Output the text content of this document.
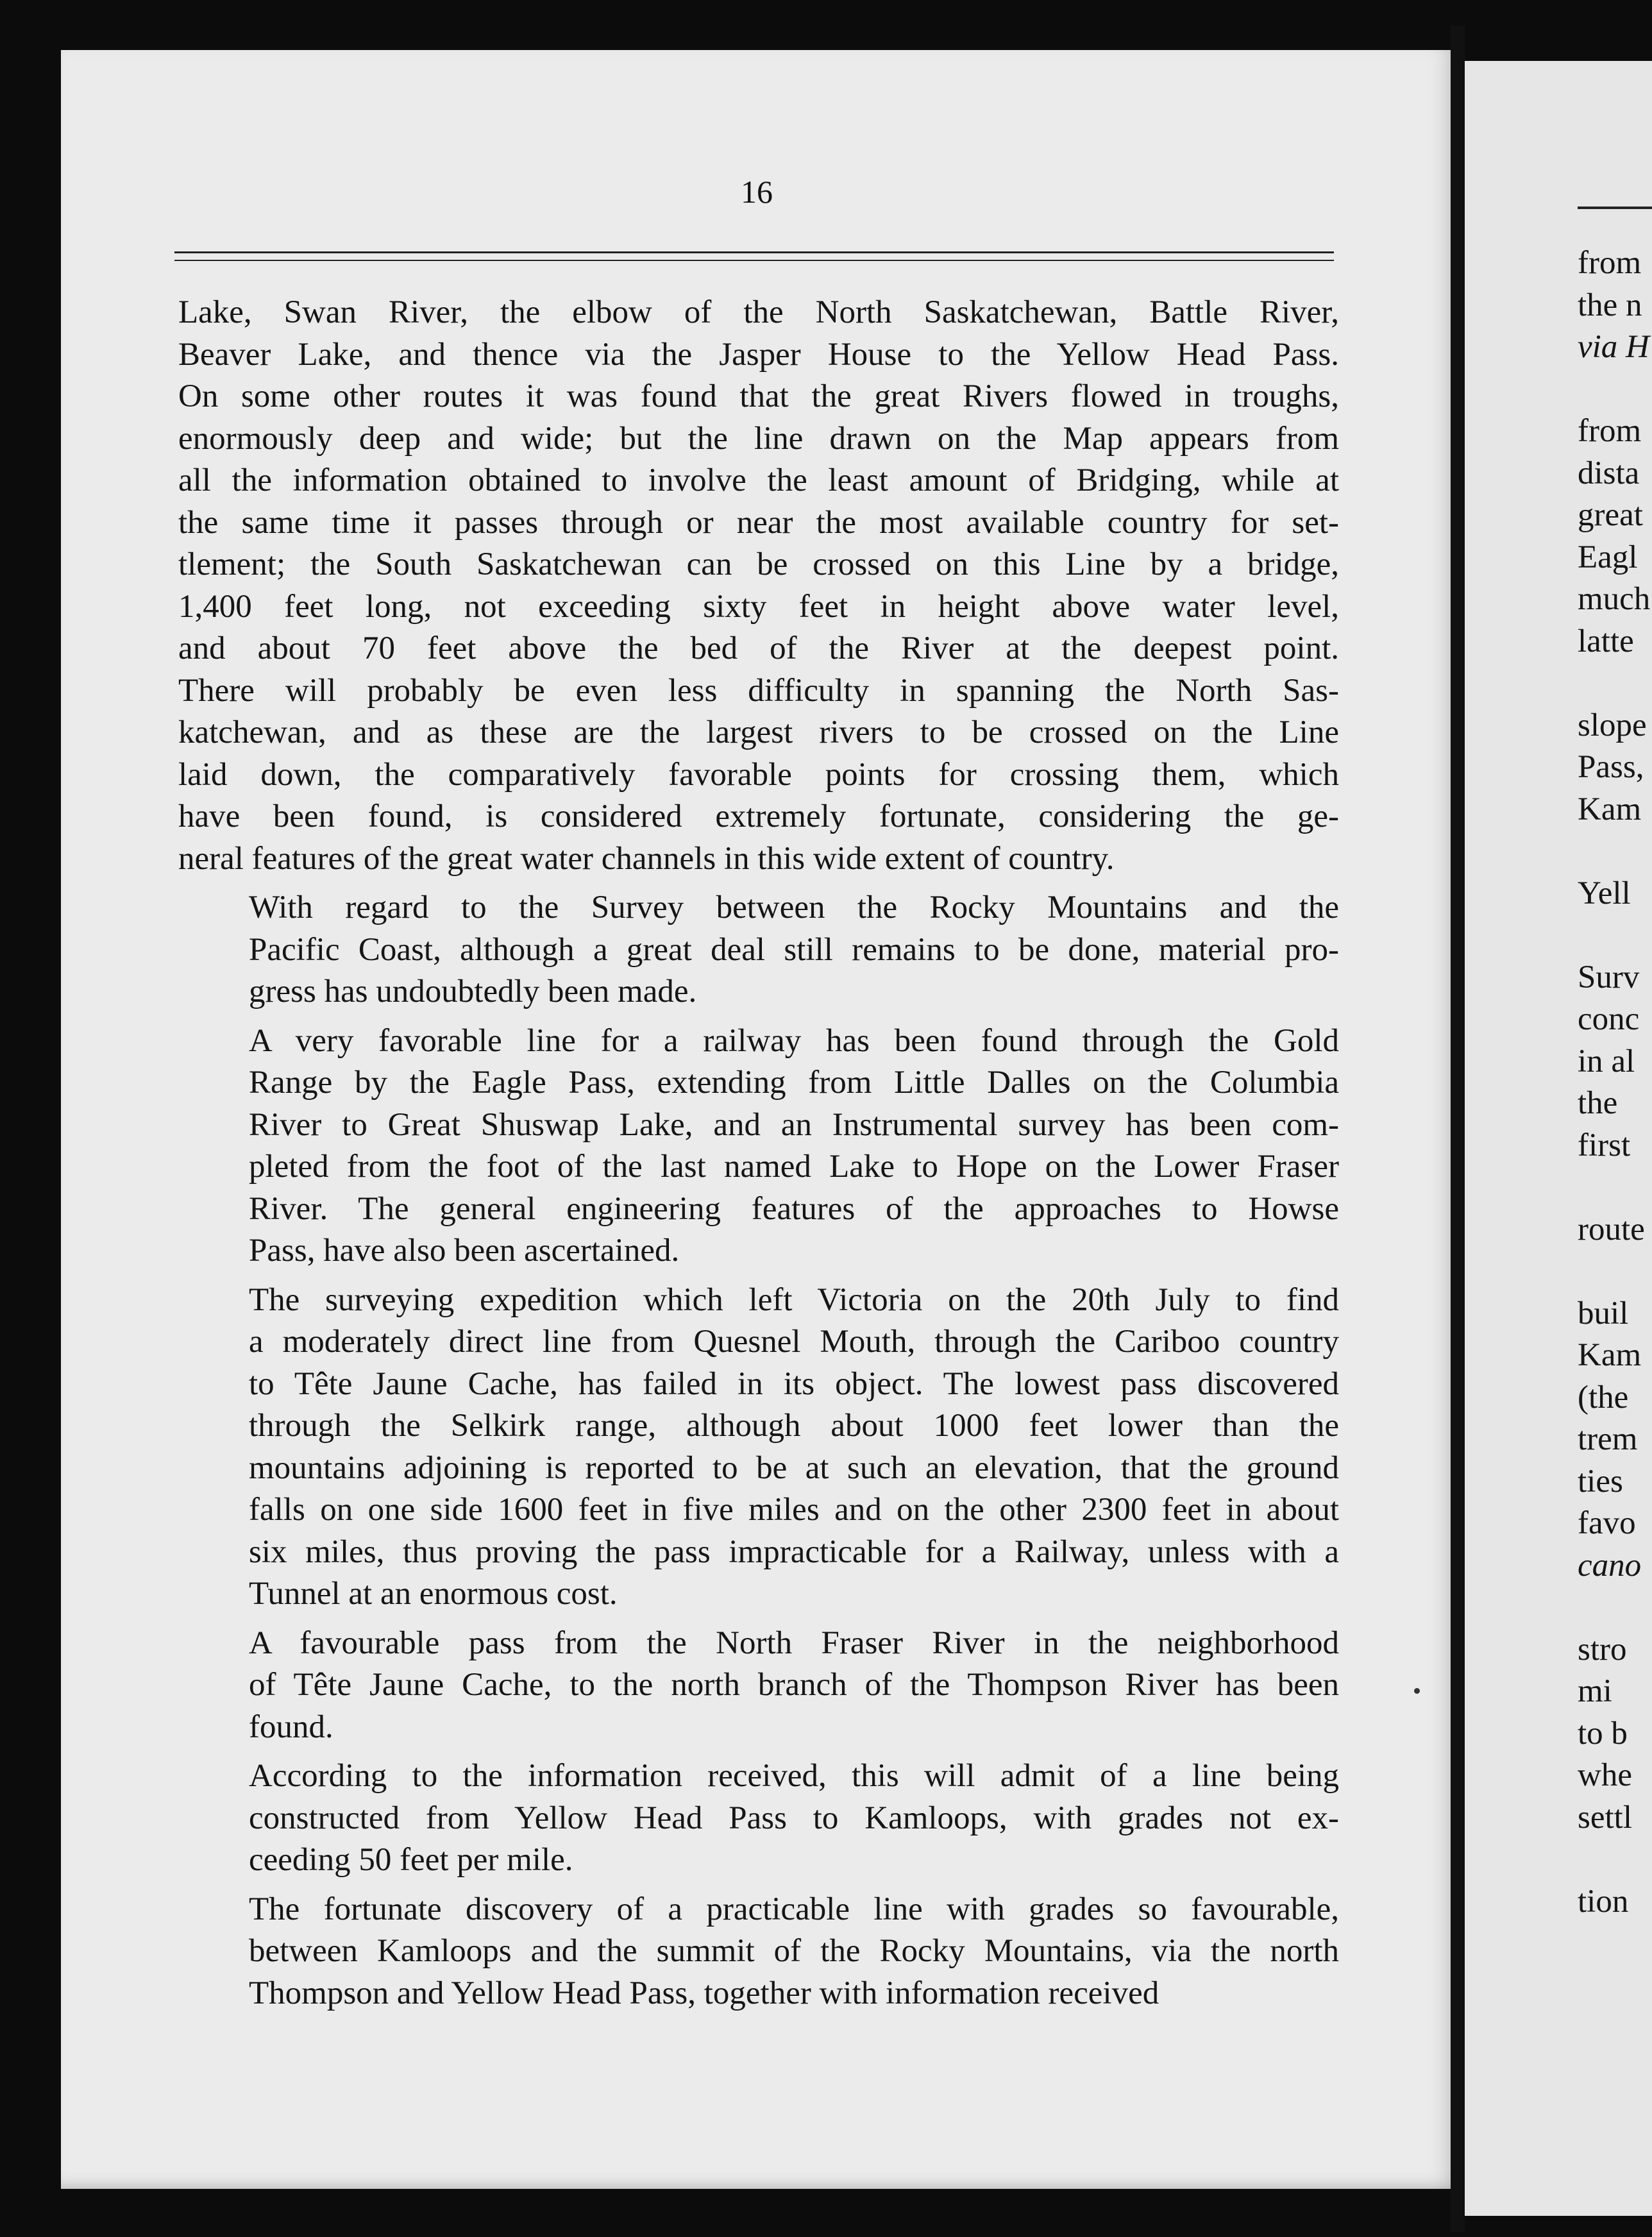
16
Lake, Swan River, the elbow of the North Saskatchewan, Battle River,
Beaver Lake, and thence via the Jasper House to the Yellow Head Pass.
On some other routes it was found that the great Rivers flowed in troughs,
enormously deep and wide; but the line drawn on the Map appears from
all the information obtained to involve the least amount of Bridging, while at
the same time it passes through or near the most available country for set-
tlement; the South Saskatchewan can be crossed on this Line by a bridge,
1,400 feet long, not exceeding sixty feet in height above water level,
and about 70 feet above the bed of the River at the deepest point.
There will probably be even less difficulty in spanning the North Sas-
katchewan, and as these are the largest rivers to be crossed on the Line
laid down, the comparatively favorable points for crossing them, which
have been found, is considered extremely fortunate, considering the ge-
neral features of the great water channels in this wide extent of country.
With regard to the Survey between the Rocky Mountains and the
Pacific Coast, although a great deal still remains to be done, material pro-
gress has undoubtedly been made.
A very favorable line for a railway has been found through the Gold
Range by the Eagle Pass, extending from Little Dalles on the Columbia
River to Great Shuswap Lake, and an Instrumental survey has been com-
pleted from the foot of the last named Lake to Hope on the Lower Fraser
River. The general engineering features of the approaches to Howse
Pass, have also been ascertained.
The surveying expedition which left Victoria on the 20th July to find
a moderately direct line from Quesnel Mouth, through the Cariboo country
to Tête Jaune Cache, has failed in its object. The lowest pass discovered
through the Selkirk range, although about 1000 feet lower than the
mountains adjoining is reported to be at such an elevation, that the ground
falls on one side 1600 feet in five miles and on the other 2300 feet in about
six miles, thus proving the pass impracticable for a Railway, unless with a
Tunnel at an enormous cost.
A favourable pass from the North Fraser River in the neighborhood
of Tête Jaune Cache, to the north branch of the Thompson River has been
found.
According to the information received, this will admit of a line being
constructed from Yellow Head Pass to Kamloops, with grades not ex-
ceeding 50 feet per mile.
The fortunate discovery of a practicable line with grades so favourable,
between Kamloops and the summit of the Rocky Mountains, via the north
Thompson and Yellow Head Pass, together with information received
from
the n
via H
from
dista
great
Eagl
much
latte
slope
Pass,
Kam
Yell
Surv
conc
in al
the
first
route
buil
Kam
(the
trem
ties
favo
cano
stro
mi
to b
whe
settl
tion
